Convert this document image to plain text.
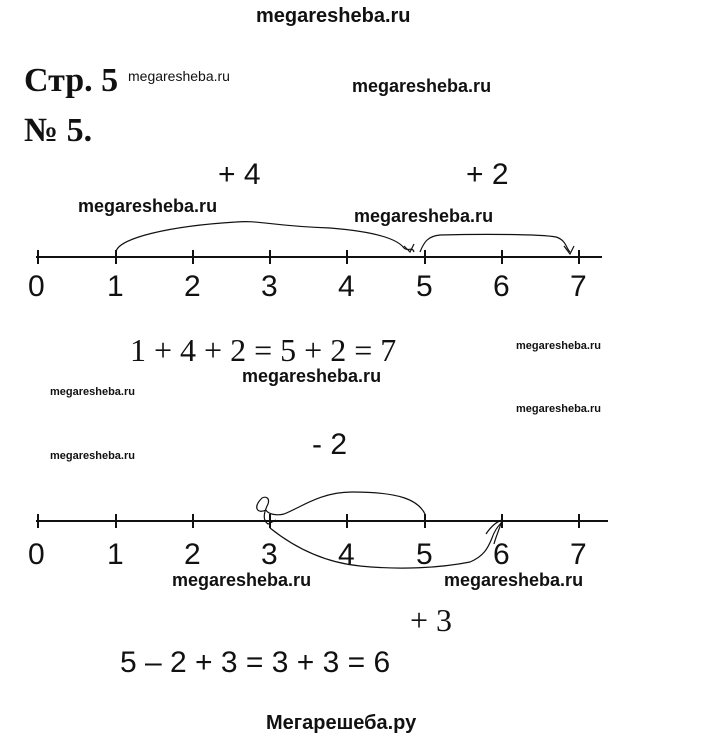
megaresheba.ru
Стр. 5 megaresheba.ru	megaresheba.ru
№ 5.
+ 4	+ 2
megaresheba.ru	megaresheba.ru
0 1 2 3 4 5 6 7
1 + 4 + 2 = 5 + 2 = 7	megaresheba.ru
megaresheba.ru
megaresheba.ru
megaresheba.ru
- 2
megaresheba.ru
0 1 2 3 4 5 6 7
megaresheba.ru	megaresheba.ru
+ 3
5 – 2 + 3 = 3 + 3 = 6
Мегарешеба.ру
